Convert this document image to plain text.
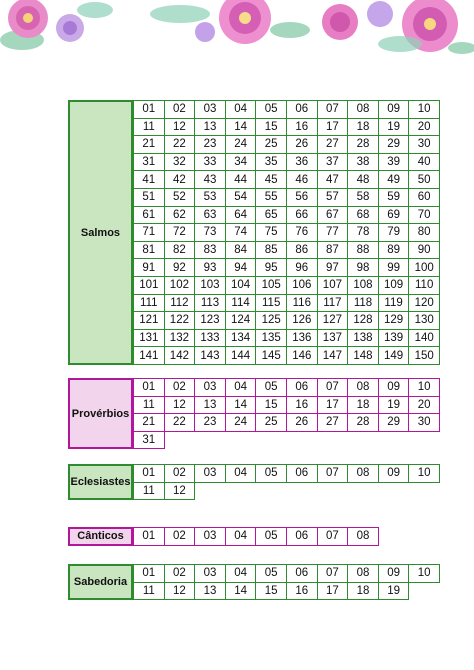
Salmos
01	02	03	04	05	06	07	08	09	10
11	12	13	14	15	16	17	18	19	20
21	22	23	24	25	26	27	28	29	30
31	32	33	34	35	36	37	38	39	40
41	42	43	44	45	46	47	48	49	50
51	52	53	54	55	56	57	58	59	60
61	62	63	64	65	66	67	68	69	70
71	72	73	74	75	76	77	78	79	80
81	82	83	84	85	86	87	88	89	90
91	92	93	94	95	96	97	98	99	100
101 102 103 104 105 106 107 108 109	110
111	112	113	114	115	116	117	118	119	120
121 122 123 124 125 126 127 128 129 130
131 132 133 134 135 136 137 138 139 140
141 142 143 144 145 146 147 148 149 150
Provérbios
01	02	03	04	05	06	07	08	09	10
11	12	13	14	15	16	17	18	19	20
21	22	23	24	25	26	27	28	29	30
31
Eclesiastes
01	02	03	04	05	06	07	08	09	10
11	12
Cânticos	01	02	03	04	05	06	07	08
Sabedoria
01	02	03	04	05	06	07	08	09	10
11	12	13	14	15	16	17	18	19
